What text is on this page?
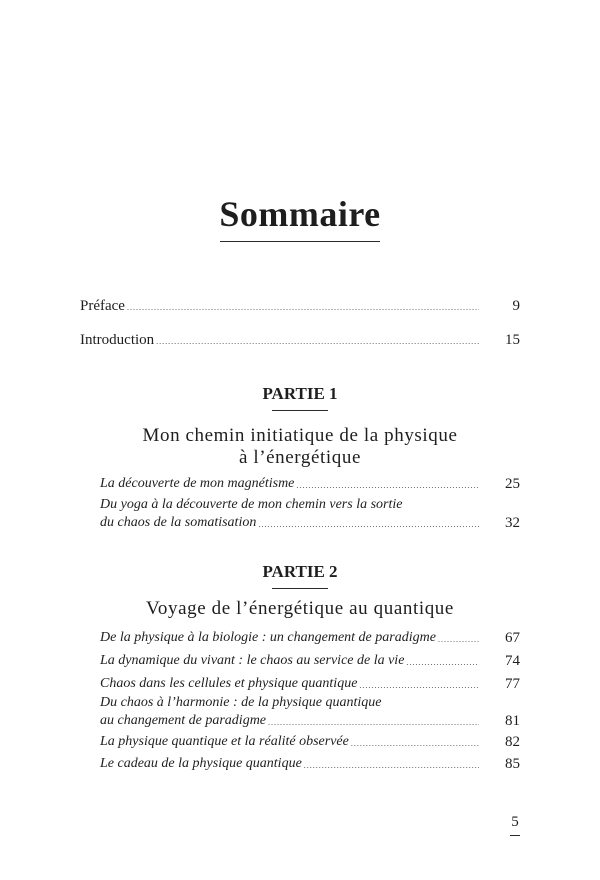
Sommaire
Préface .....	9
Introduction .....	15
PARTIE 1

Mon chemin initiatique de la physique

à l’énergétique

La découverte de mon magnétisme .....	25
Du yoga à la découverte de mon chemin vers la sortie
du chaos de la somatisation .....	32
PARTIE 2

Voyage de l’énergétique au quantique

De la physique à la biologie : un changement de paradigme .....	67
La dynamique du vivant : le chaos au service de la vie .....	74
Chaos dans les cellules et physique quantique .....	77
Du chaos à l’harmonie : de la physique quantique
au changement de paradigme .....	81
La physique quantique et la réalité observée .....	82
Le cadeau de la physique quantique .....	85
5
